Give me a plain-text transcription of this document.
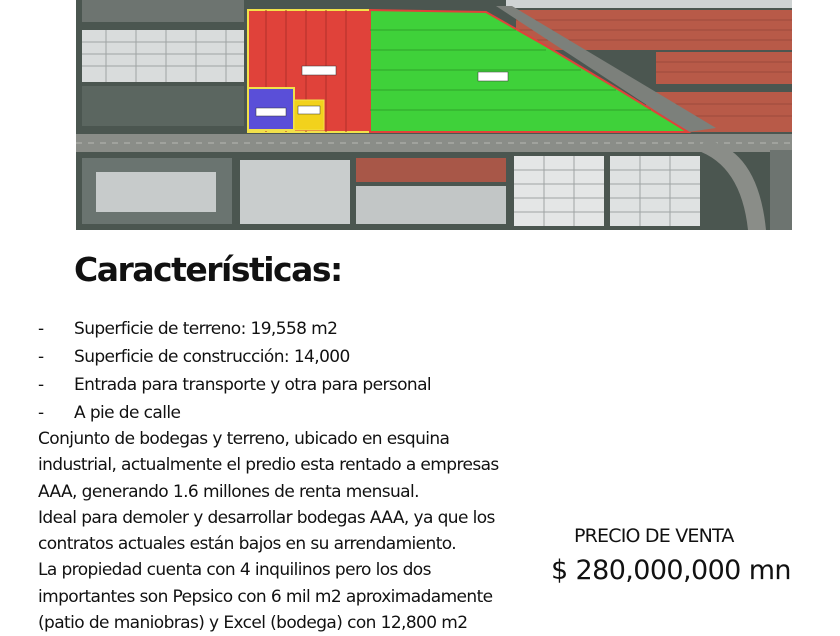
Características:
- Superficie de terreno: 19,558 m2
- Superficie de construcción: 14,000
- Entrada para transporte y otra para personal
- A pie de calle

Conjunto de bodegas y terreno, ubicado en esquina
industrial, actualmente el predio esta rentado a empresas
AAA, generando 1.6 millones de renta mensual.
Ideal para demoler y desarrollar bodegas AAA, ya que los
contratos actuales están bajos en su arrendamiento.
La propiedad cuenta con 4 inquilinos pero los dos
importantes son Pepsico con 6 mil m2 aproximadamente
(patio de maniobras) y Excel (bodega) con 12,800 m2

PRECIO DE VENTA
$ 280,000,000 mn
